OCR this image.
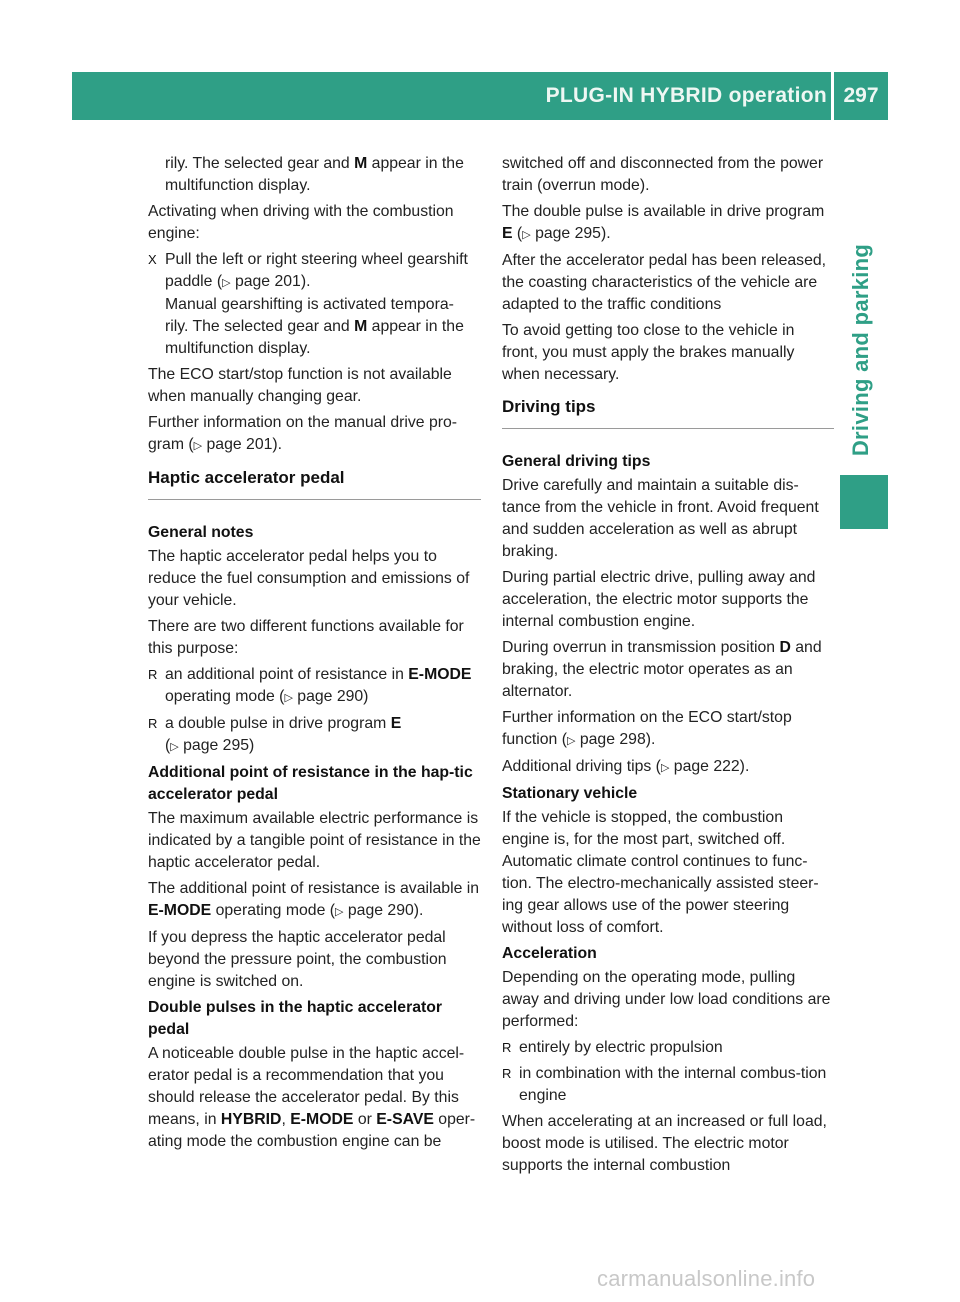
PLUG-IN HYBRID operation 297
Driving and parking

rily. The selected gear and M appear in the multifunction display.

Activating when driving with the combustion engine:

X Pull the left or right steering wheel gearshift paddle (▷ page 201).
Manual gearshifting is activated tempora-
rily. The selected gear and M appear in the multifunction display.

The ECO start/stop function is not available when manually changing gear.

Further information on the manual drive pro-gram (▷ page 201).

Haptic accelerator pedal
General notes

The haptic accelerator pedal helps you to reduce the fuel consumption and emissions of your vehicle.

There are two different functions available for this purpose:

R an additional point of resistance in E-MODE operating mode (▷ page 290)
R a double pulse in drive program E
(▷ page 295)
Additional point of resistance in the hap-tic accelerator pedal

The maximum available electric performance is indicated by a tangible point of resistance in the haptic accelerator pedal.

The additional point of resistance is available in E-MODE operating mode (▷ page 290).

If you depress the haptic accelerator pedal beyond the pressure point, the combustion engine is switched on.

Double pulses in the haptic accelerator pedal

A noticeable double pulse in the haptic accel-erator pedal is a recommendation that you should release the accelerator pedal. By this means, in HYBRID, E-MODE or E-SAVE oper-ating mode the combustion engine can be

switched off and disconnected from the power train (overrun mode).

The double pulse is available in drive program E (▷ page 295).

After the accelerator pedal has been released, the coasting characteristics of the vehicle are adapted to the traffic conditions

To avoid getting too close to the vehicle in front, you must apply the brakes manually when necessary.

Driving tips
General driving tips

Drive carefully and maintain a suitable dis-tance from the vehicle in front. Avoid frequent and sudden acceleration as well as abrupt braking.

During partial electric drive, pulling away and acceleration, the electric motor supports the internal combustion engine.

During overrun in transmission position D and braking, the electric motor operates as an alternator.

Further information on the ECO start/stop function (▷ page 298).

Additional driving tips (▷ page 222).

Stationary vehicle

If the vehicle is stopped, the combustion engine is, for the most part, switched off. Automatic climate control continues to func-tion. The electro-mechanically assisted steer-ing gear allows use of the power steering without loss of comfort.

Acceleration

Depending on the operating mode, pulling away and driving under low load conditions are performed:

R entirely by electric propulsion
R in combination with the internal combus-tion engine

When accelerating at an increased or full load, boost mode is utilised. The electric motor supports the internal combustion

carmanualsonline.info
